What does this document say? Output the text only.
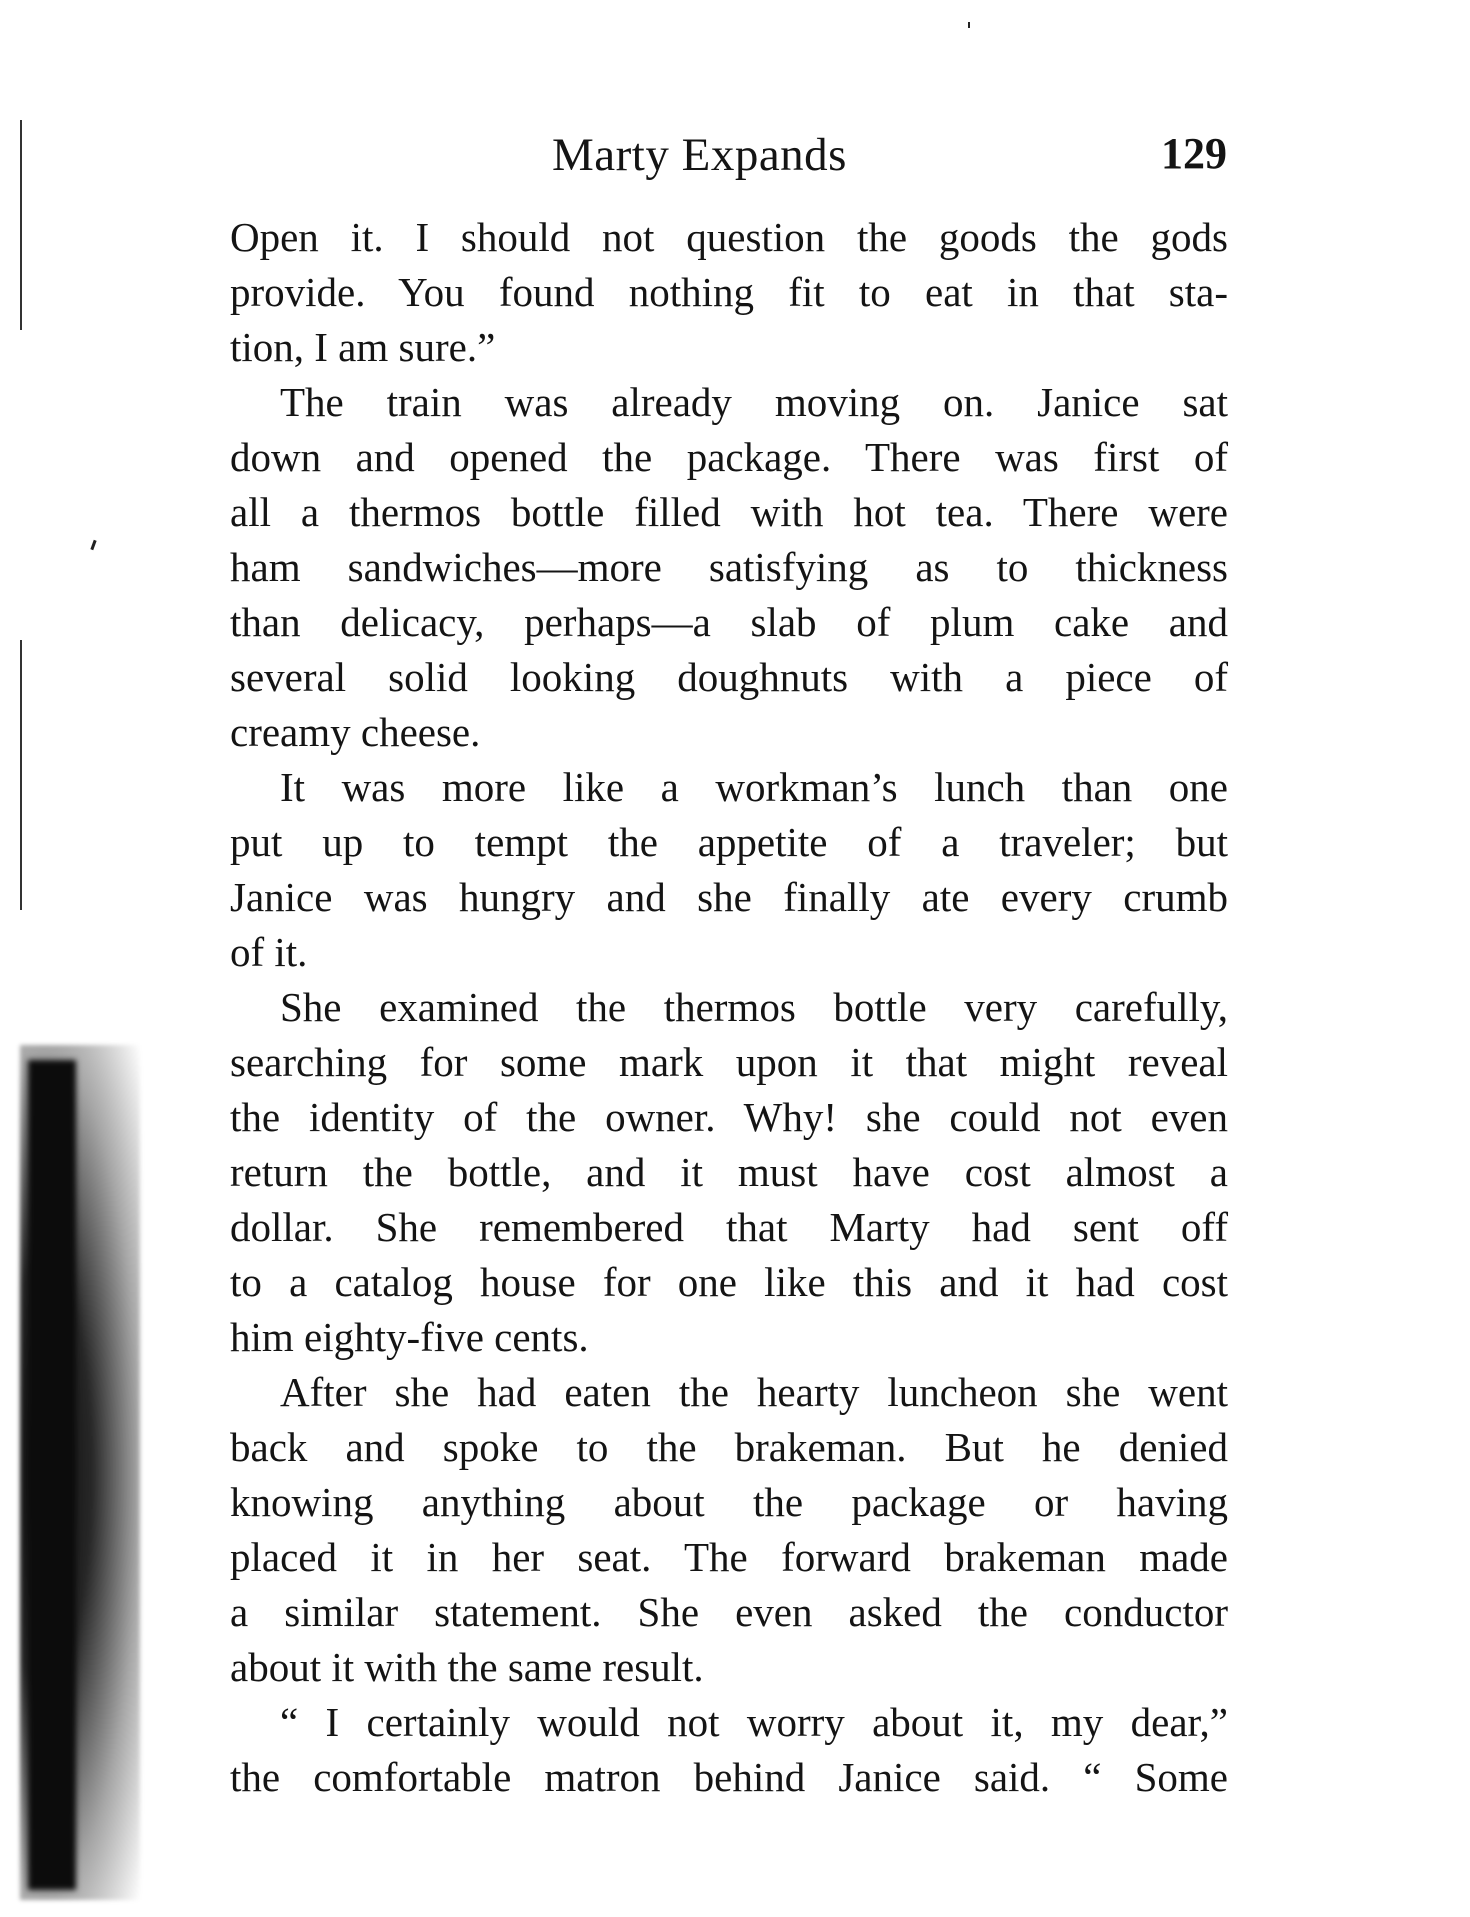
Marty Expands	129
Open it. I should not question the goods the gods
provide. You found nothing fit to eat in that sta-
tion, I am sure.”
The train was already moving on. Janice sat
down and opened the package. There was first of
all a thermos bottle filled with hot tea. There were
ham sandwiches—more satisfying as to thickness
than delicacy, perhaps—a slab of plum cake and
several solid looking doughnuts with a piece of
creamy cheese.
It was more like a workman’s lunch than one
put up to tempt the appetite of a traveler; but
Janice was hungry and she finally ate every crumb
of it.
She examined the thermos bottle very carefully,
searching for some mark upon it that might reveal
the identity of the owner. Why! she could not even
return the bottle, and it must have cost almost a
dollar. She remembered that Marty had sent off
to a catalog house for one like this and it had cost
him eighty-five cents.
After she had eaten the hearty luncheon she went
back and spoke to the brakeman. But he denied
knowing anything about the package or having
placed it in her seat. The forward brakeman made
a similar statement. She even asked the conductor
about it with the same result.
“ I certainly would not worry about it, my dear,”
the comfortable matron behind Janice said. “ Some
